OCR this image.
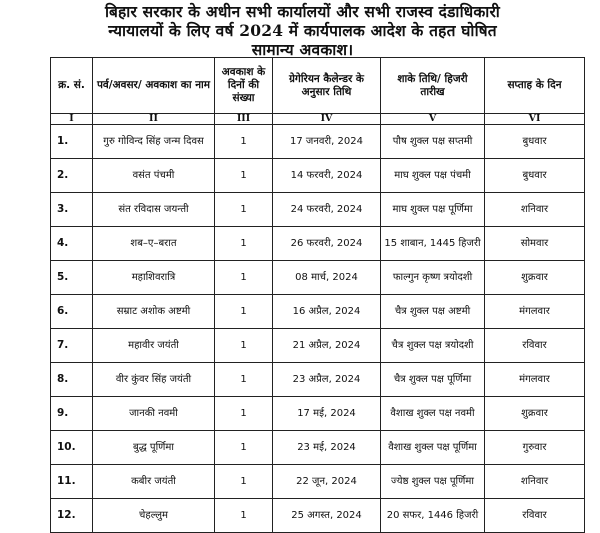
बिहार सरकार के अधीन सभी कार्यालयों और सभी राजस्व दंडाधिकारी
न्यायालयों के लिए वर्ष 2024 में कार्यपालक आदेश के तहत घोषित
सामान्य अवकाश।
क्र. सं.	पर्व/अवसर/ अवकाश का नाम	अवकाश के दिनों की संख्या	ग्रेगेरियन कैलेन्डर के अनुसार तिथि	शाके तिथि/ हिजरी तारीख	सप्ताह के दिन
I	II	III	IV	V	VI
1.	गुरु गोविन्द सिंह जन्म दिवस	1	17 जनवरी, 2024	पौष शुक्ल पक्ष सप्तमी	बुधवार
2.	वसंत पंचमी	1	14 फरवरी, 2024	माघ शुक्ल पक्ष पंचमी	बुधवार
3.	संत रविदास जयन्ती	1	24 फरवरी, 2024	माघ शुक्ल पक्ष पूर्णिमा	शनिवार
4.	शब–ए–बरात	1	26 फरवरी, 2024	15 शाबान, 1445 हिजरी	सोमवार
5.	महाशिवरात्रि	1	08 मार्च, 2024	फाल्गुन कृष्ण त्रयोदशी	शुक्रवार
6.	सम्राट अशोक अष्टमी	1	16 अप्रैल, 2024	चैत्र शुक्ल पक्ष अष्टमी	मंगलवार
7.	महावीर जयंती	1	21 अप्रैल, 2024	चैत्र शुक्ल पक्ष त्रयोदशी	रविवार
8.	वीर कुंवर सिंह जयंती	1	23 अप्रैल, 2024	चैत्र शुक्ल पक्ष पूर्णिमा	मंगलवार
9.	जानकी नवमी	1	17 मई, 2024	वैशाख शुक्ल पक्ष नवमी	शुक्रवार
10.	बुद्ध पूर्णिमा	1	23 मई, 2024	वैशाख शुक्ल पक्ष पूर्णिमा	गुरुवार
11.	कबीर जयंती	1	22 जून, 2024	ज्येष्ठ शुक्ल पक्ष पूर्णिमा	शनिवार
12.	चेहल्लुम	1	25 अगस्त, 2024	20 सफर, 1446 हिजरी	रविवार
